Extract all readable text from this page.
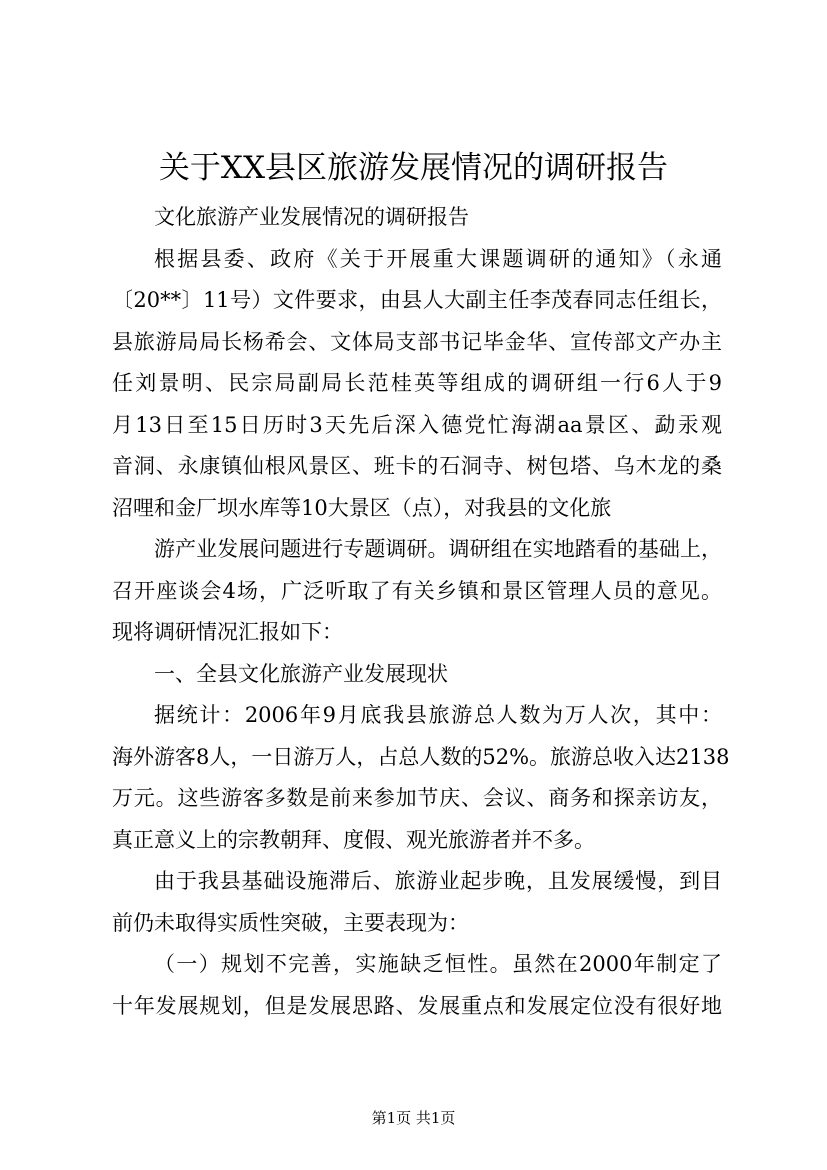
关于XX县区旅游发展情况的调研报告
文化旅游产业发展情况的调研报告
根据县委、政府《关于开展重大课题调研的通知》（永通
〔20**〕11号）文件要求，由县人大副主任李茂春同志任组长，
县旅游局局长杨希会、文体局支部书记毕金华、宣传部文产办主
任刘景明、民宗局副局长范桂英等组成的调研组一行6人于9
月13日至15日历时3天先后深入德党忙海湖aa景区、勐汞观
音洞、永康镇仙根风景区、班卡的石洞寺、树包塔、乌木龙的桑
沼哩和金厂坝水库等10大景区（点），对我县的文化旅
游产业发展问题进行专题调研。调研组在实地踏看的基础上，
召开座谈会4场，广泛听取了有关乡镇和景区管理人员的意见。
现将调研情况汇报如下：
一、全县文化旅游产业发展现状
据统计：2006年9月底我县旅游总人数为万人次，其中：
海外游客8人，一日游万人，占总人数的52%。旅游总收入达2138
万元。这些游客多数是前来参加节庆、会议、商务和探亲访友，
真正意义上的宗教朝拜、度假、观光旅游者并不多。
由于我县基础设施滞后、旅游业起步晚，且发展缓慢，到目
前仍未取得实质性突破，主要表现为：
（一）规划不完善，实施缺乏恒性。虽然在2000年制定了
十年发展规划，但是发展思路、发展重点和发展定位没有很好地
第1页 共1页
